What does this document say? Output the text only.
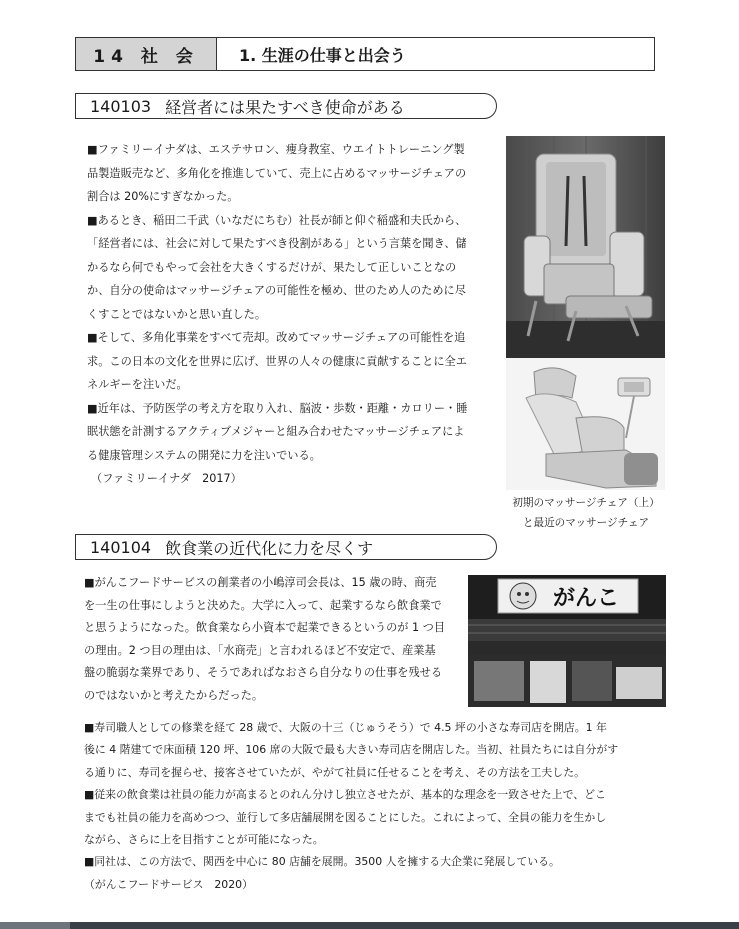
14 社 会	1. 生涯の仕事と出会う
140103 経営者には果たすべき使命がある

■ファミリーイナダは、エステサロン、痩身教室、ウエイトトレーニング製

品製造販売など、多角化を推進していて、売上に占めるマッサージチェアの

割合は 20%にすぎなかった。

■あるとき、稲田二千武（いなだにちむ）社長が師と仰ぐ稲盛和夫氏から、

「経営者には、社会に対して果たすべき役割がある」という言葉を聞き、儲

かるなら何でもやって会社を大きくするだけが、果たして正しいことなの

か、自分の使命はマッサージチェアの可能性を極め、世のため人のために尽

くすことではないかと思い直した。

■そして、多角化事業をすべて売却。改めてマッサージチェアの可能性を追

求。この日本の文化を世界に広げ、世界の人々の健康に貢献することに全エ

ネルギーを注いだ。

■近年は、予防医学の考え方を取り入れ、脳波・歩数・距離・カロリー・睡

眠状態を計測するアクティブメジャーと組み合わせたマッサージチェアによ

る健康管理システムの開発に力を注いでいる。

（ファミリーイナダ　2017）

初期のマッサージチェア（上）
と最近のマッサージチェア
140104 飲食業の近代化に力を尽くす

■がんこフードサービスの創業者の小嶋淳司会長は、15 歳の時、商売

を一生の仕事にしようと決めた。大学に入って、起業するなら飲食業で

と思うようになった。飲食業なら小資本で起業できるというのが 1 つ目

の理由。2 つ目の理由は、「水商売」と言われるほど不安定で、産業基

盤の脆弱な業界であり、そうであればなおさら自分なりの仕事を残せる

のではないかと考えたからだった。

がんこ

■寿司職人としての修業を経て 28 歳で、大阪の十三（じゅうそう）で 4.5 坪の小さな寿司店を開店。1 年

後に 4 階建てで床面積 120 坪、106 席の大阪で最も大きい寿司店を開店した。当初、社員たちには自分がす

る通りに、寿司を握らせ、接客させていたが、やがて社員に任せることを考え、その方法を工夫した。

■従来の飲食業は社員の能力が高まるとのれん分けし独立させたが、基本的な理念を一致させた上で、どこ

までも社員の能力を高めつつ、並行して多店舗展開を図ることにした。これによって、全員の能力を生かし

ながら、さらに上を目指すことが可能になった。

■同社は、この方法で、関西を中心に 80 店舗を展開。3500 人を擁する大企業に発展している。

（がんこフードサービス　2020）
